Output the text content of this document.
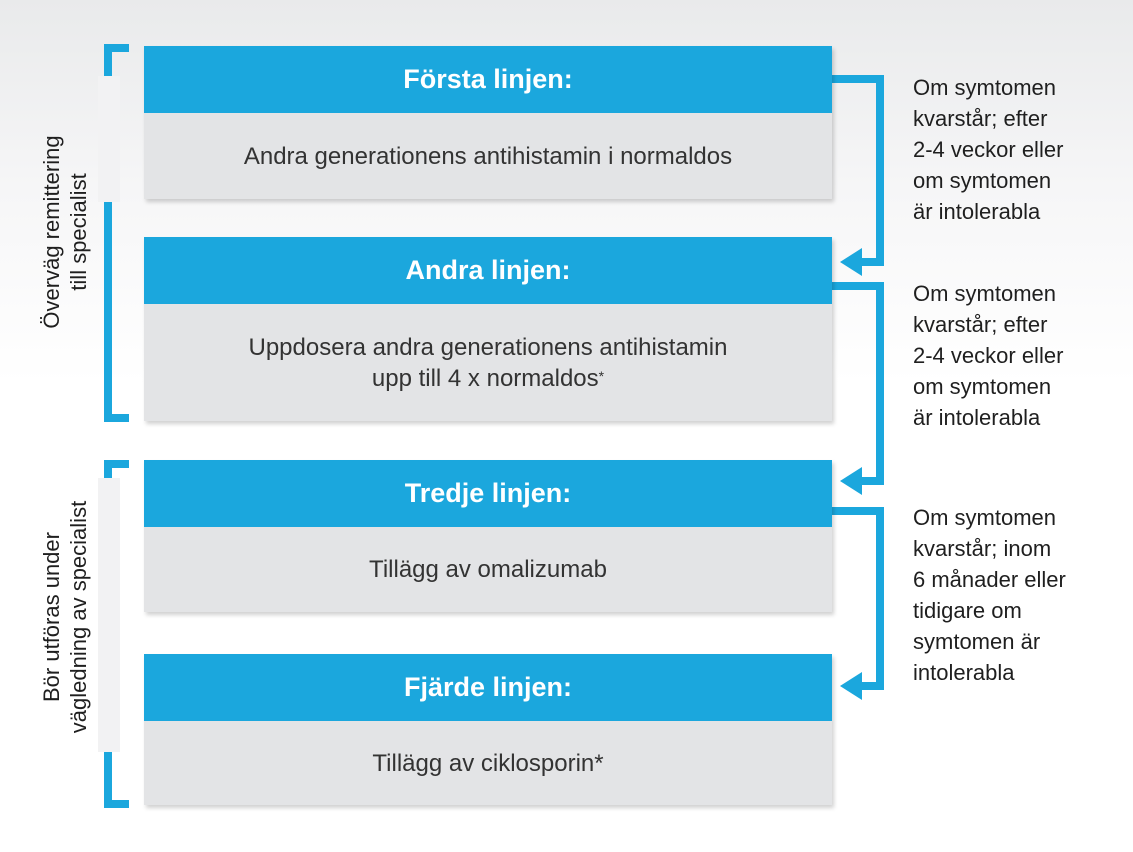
Första linjen:
Andra generationens antihistamin i normaldos
Andra linjen:
Uppdosera andra generationens antihistamin
upp till 4 x normaldos*
Tredje linjen:
Tillägg av omalizumab
Fjärde linjen:
Tillägg av ciklosporin*
Om symtomen
kvarstår; efter
2-4 veckor eller
om symtomen
är intolerabla
Om symtomen
kvarstår; efter
2-4 veckor eller
om symtomen
är intolerabla
Om symtomen
kvarstår; inom
6 månader eller
tidigare om
symtomen är
intolerabla
Överväg remittering till specialist
Bör utföras under vägledning av specialist
